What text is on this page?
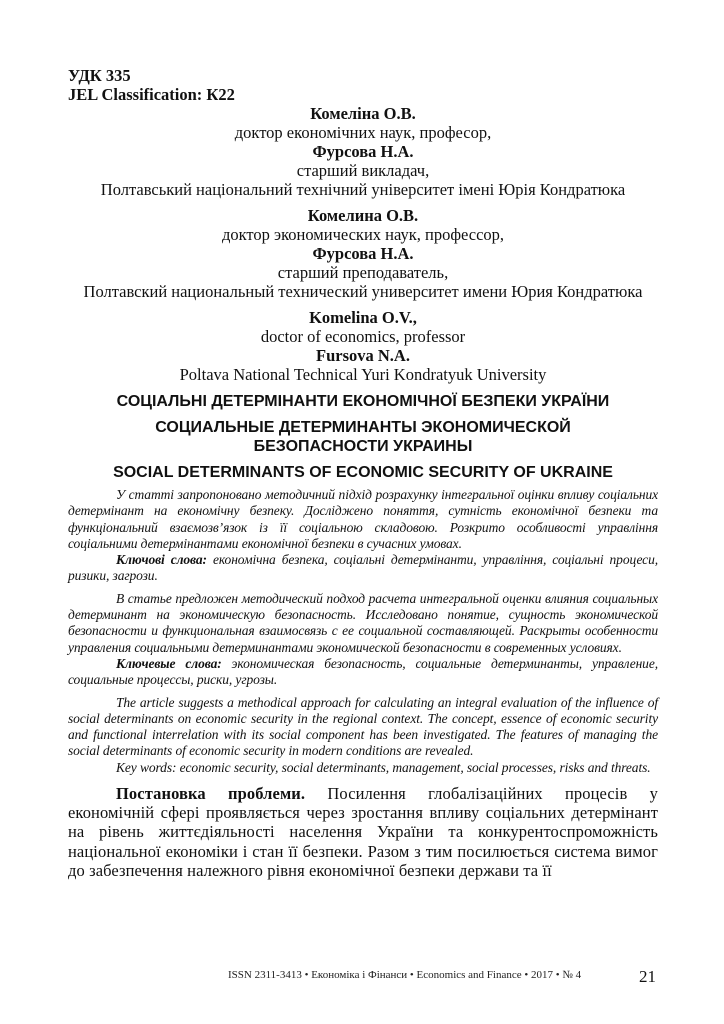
УДК 335

JEL Classification: К22

Комеліна О.В.
доктор економічних наук, професор,
Фурсова Н.А.
старший викладач,
Полтавський національний технічний університет імені Юрія Кондратюка
Комелина О.В.
доктор экономических наук, профессор,
Фурсова Н.А.
старший преподаватель,
Полтавский национальный технический университет имени Юрия Кондратюка
Komelina O.V.,
doctor of economics, professor
Fursova N.A.
Poltava National Technical Yuri Kondratyuk University

СОЦІАЛЬНІ ДЕТЕРМІНАНТИ ЕКОНОМІЧНОЇ БЕЗПЕКИ УКРАЇНИ

СОЦИАЛЬНЫЕ ДЕТЕРМИНАНТЫ ЭКОНОМИЧЕСКОЙ

БЕЗОПАСНОСТИ УКРАИНЫ

SOCIAL DETERMINANTS OF ECONOMIC SECURITY OF UKRAINE

У статті запропоновано методичний підхід розрахунку інтегральної оцінки впливу соціальних детермінант на економічну безпеку. Досліджено поняття, сутність економічної безпеки та функціональний взаємозв’язок із її соціальною складовою. Розкрито особливості управління соціальними детермінантами економічної безпеки в сучасних умовах.

Ключові слова: економічна безпека, соціальні детермінанти, управління, соціальні процеси, ризики, загрози.

В статье предложен методический подход расчета интегральной оценки влияния социальных детерминант на экономическую безопасность. Исследовано понятие, сущность экономической безопасности и функциональная взаимосвязь с ее социальной составляющей. Раскрыты особенности управления социальными детерминантами экономической безопасности в современных условиях.

Ключевые слова: экономическая безопасность, социальные детерминанты, управление, социальные процессы, риски, угрозы.

The article suggests a methodical approach for calculating an integral evaluation of the influence of social determinants on economic security in the regional context. The concept, essence of economic security and functional interrelation with its social component has been investigated. The features of managing the social determinants of economic security in modern conditions are revealed.

Key words: economic security, social determinants, management, social processes, risks and threats.

Постановка проблеми. Посилення глобалізаційних процесів у економічній сфері проявляється через зростання впливу соціальних детермінант на рівень життєдіяльності населення України та конкурентоспроможність національної економіки і стан її безпеки. Разом з тим посилюється система вимог до забезпечення належного рівня економічної безпеки держави та її

ISSN 2311-3413 • Економіка і Фінанси • Economics and Finance • 2017 • № 4	21
